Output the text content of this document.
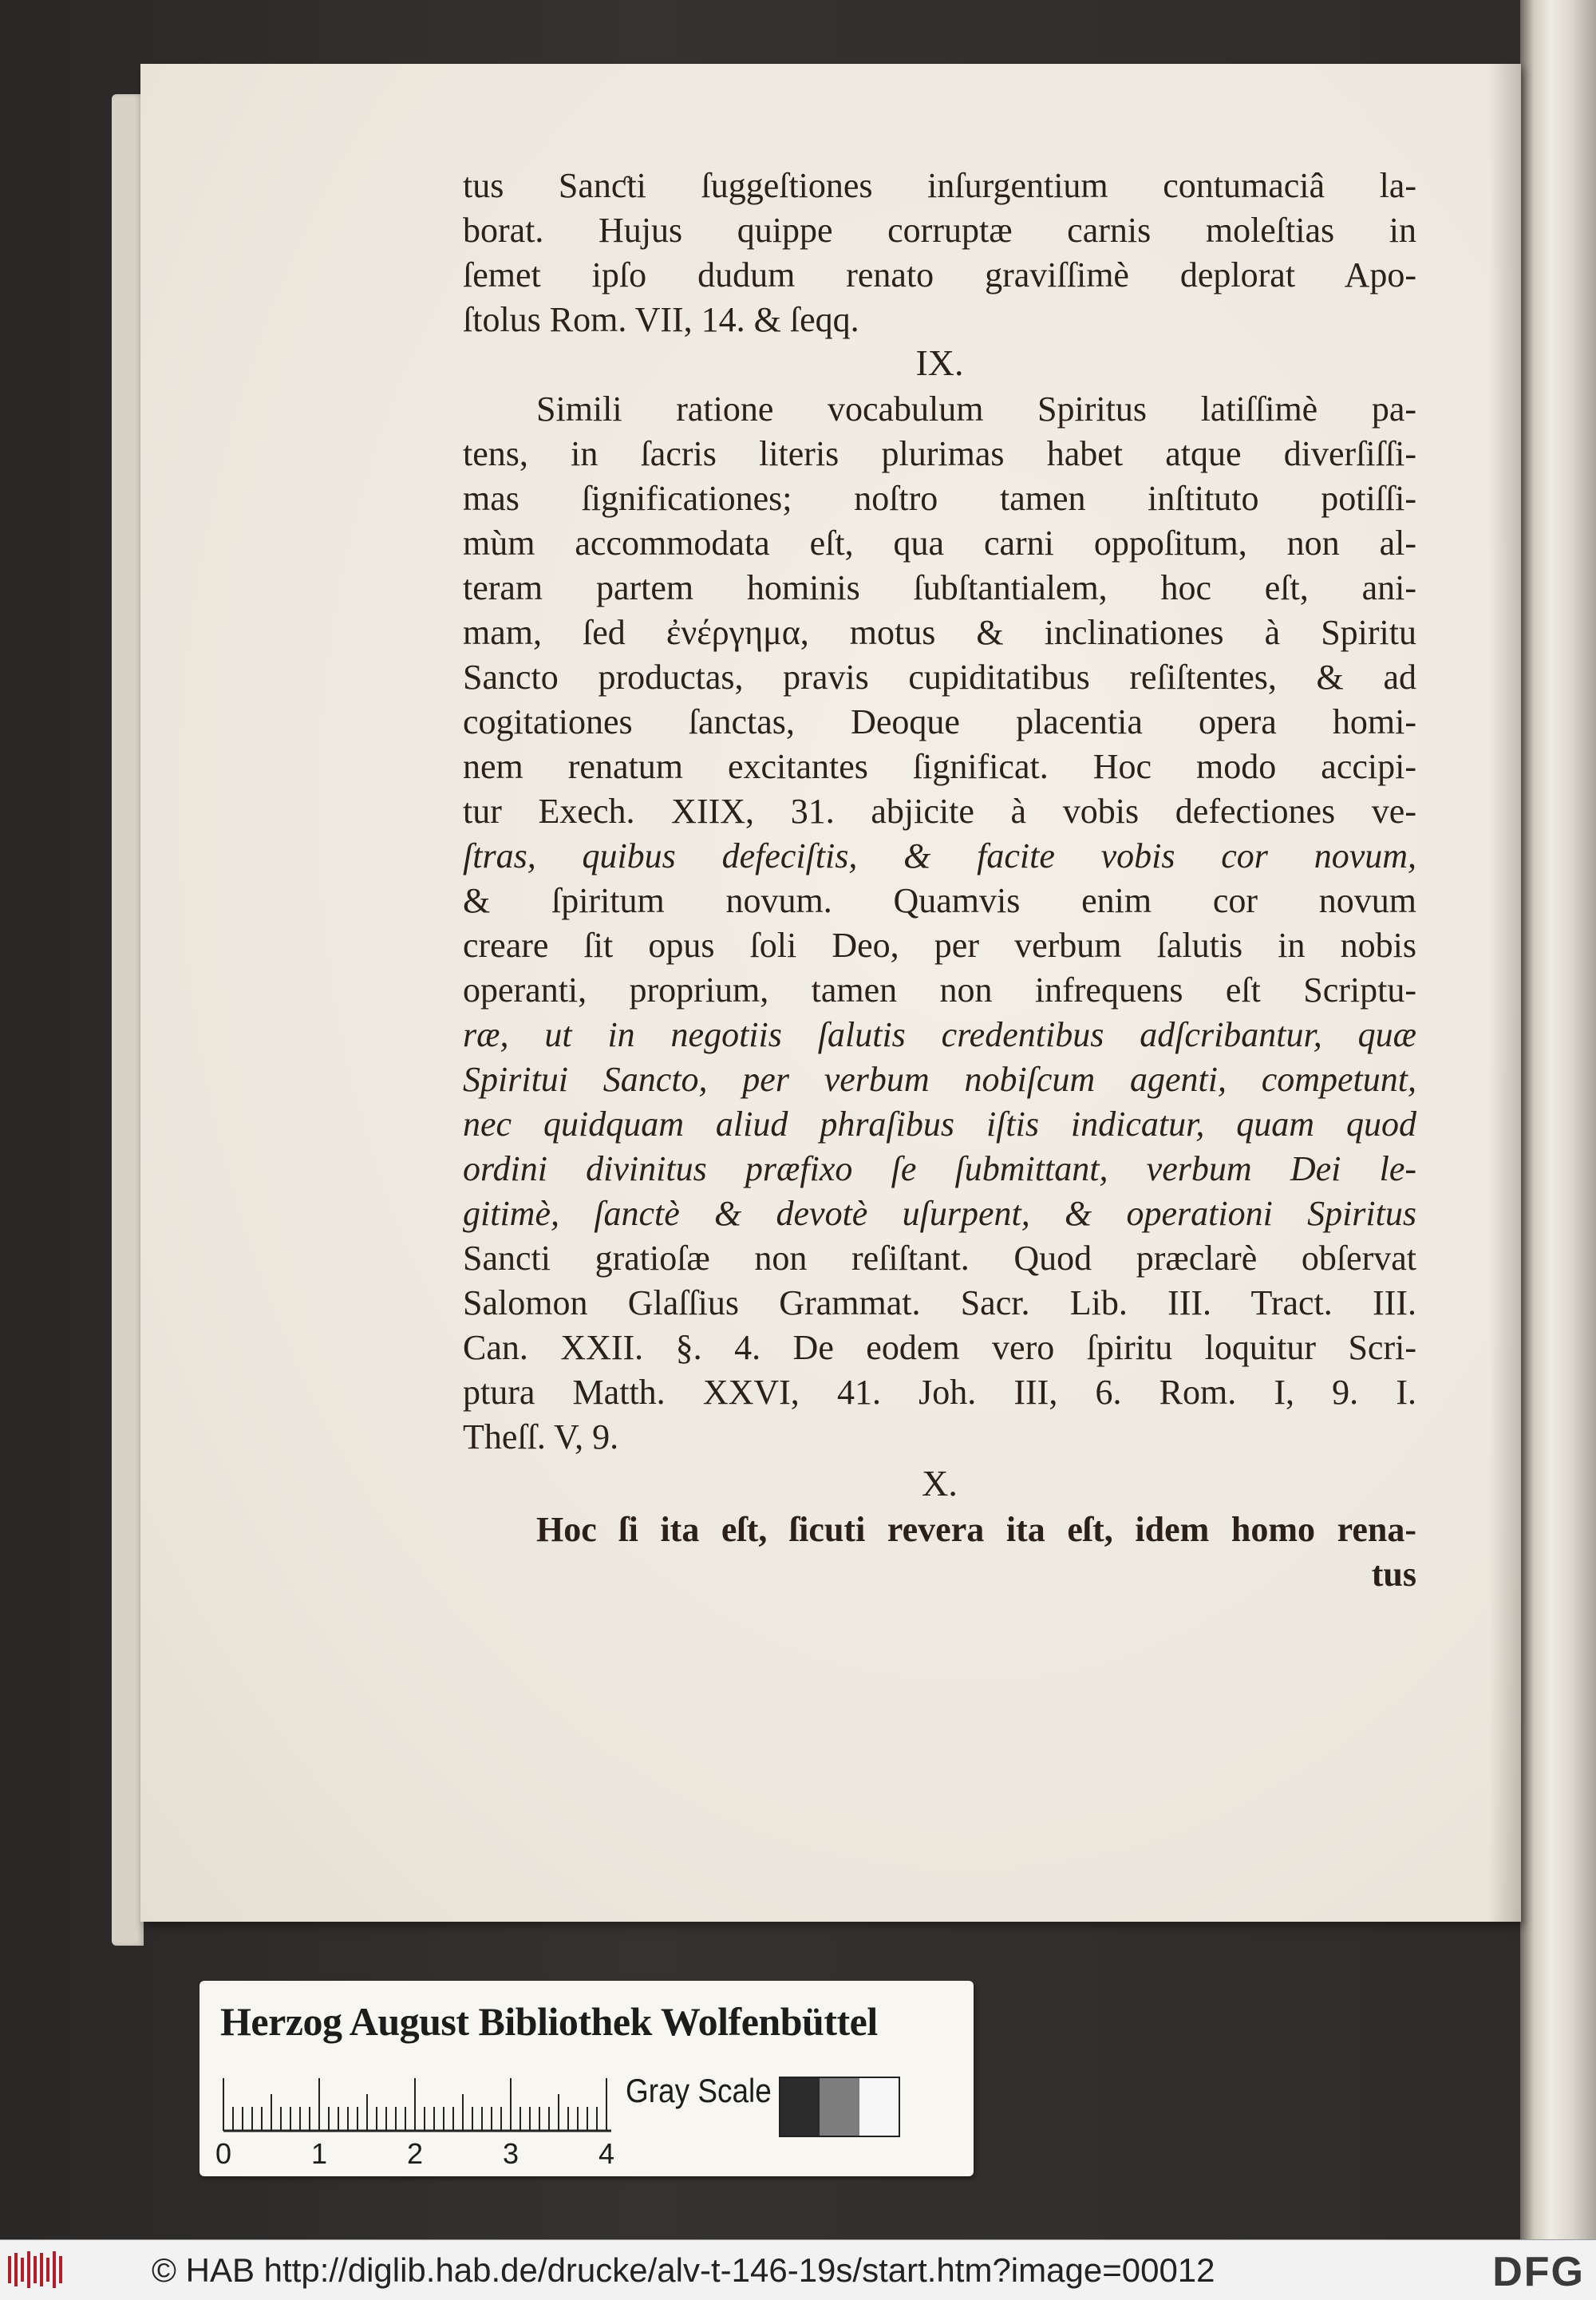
tus Sanƈti ſuggeſtiones inſurgentium contumaciâ la-
borat. Hujus quippe corruptæ carnis moleſtias in
ſemet ipſo dudum renato graviſſimè deplorat Apo-
ſtolus Rom. VII, 14. & ſeqq.
IX.
Simili ratione vocabulum Spiritus latiſſimè pa-
tens, in ſacris literis plurimas habet atque diverſiſſi-
mas ſignificationes; noſtro tamen inſtituto potiſſi-
mùm accommodata eſt, qua carni oppoſitum, non al-
teram partem hominis ſubſtantialem, hoc eſt, ani-
mam, ſed ἐνέργημα, motus & inclinationes à Spiritu
Sancto productas, pravis cupiditatibus reſiſtentes, & ad
cogitationes ſanctas, Deoque placentia opera homi-
nem renatum excitantes ſignificat. Hoc modo accipi-
tur Exech. XIIX, 31. abjicite à vobis defectiones ve-
ſtras, quibus defeciſtis, & facite vobis cor novum,
& ſpiritum novum. Quamvis enim cor novum
creare ſit opus ſoli Deo, per verbum ſalutis in nobis
operanti, proprium, tamen non infrequens eſt Scriptu-
ræ, ut in negotiis ſalutis credentibus adſcribantur, quæ
Spiritui Sancto, per verbum nobiſcum agenti, competunt,
nec quidquam aliud phraſibus iſtis indicatur, quam quod
ordini divinitus præfixo ſe ſubmittant, verbum Dei le-
gitimè, ſanctè & devotè uſurpent, & operationi Spiritus
Sancti gratioſæ non reſiſtant. Quod præclarè obſervat
Salomon Glaſſius Grammat. Sacr. Lib. III. Tract. III.
Can. XXII. §. 4. De eodem vero ſpiritu loquitur Scri-
ptura Matth. XXVI, 41. Joh. III, 6. Rom. I, 9. I.
Theſſ. V, 9.
X.
Hoc ſi ita eſt, ſicuti revera ita eſt, idem homo rena-
tus
Herzog August Bibliothek Wolfenbüttel
0	1	2	3	4
Gray Scale
© HAB http://diglib.hab.de/drucke/alv-t-146-19s/start.htm?image=00012	DFG
